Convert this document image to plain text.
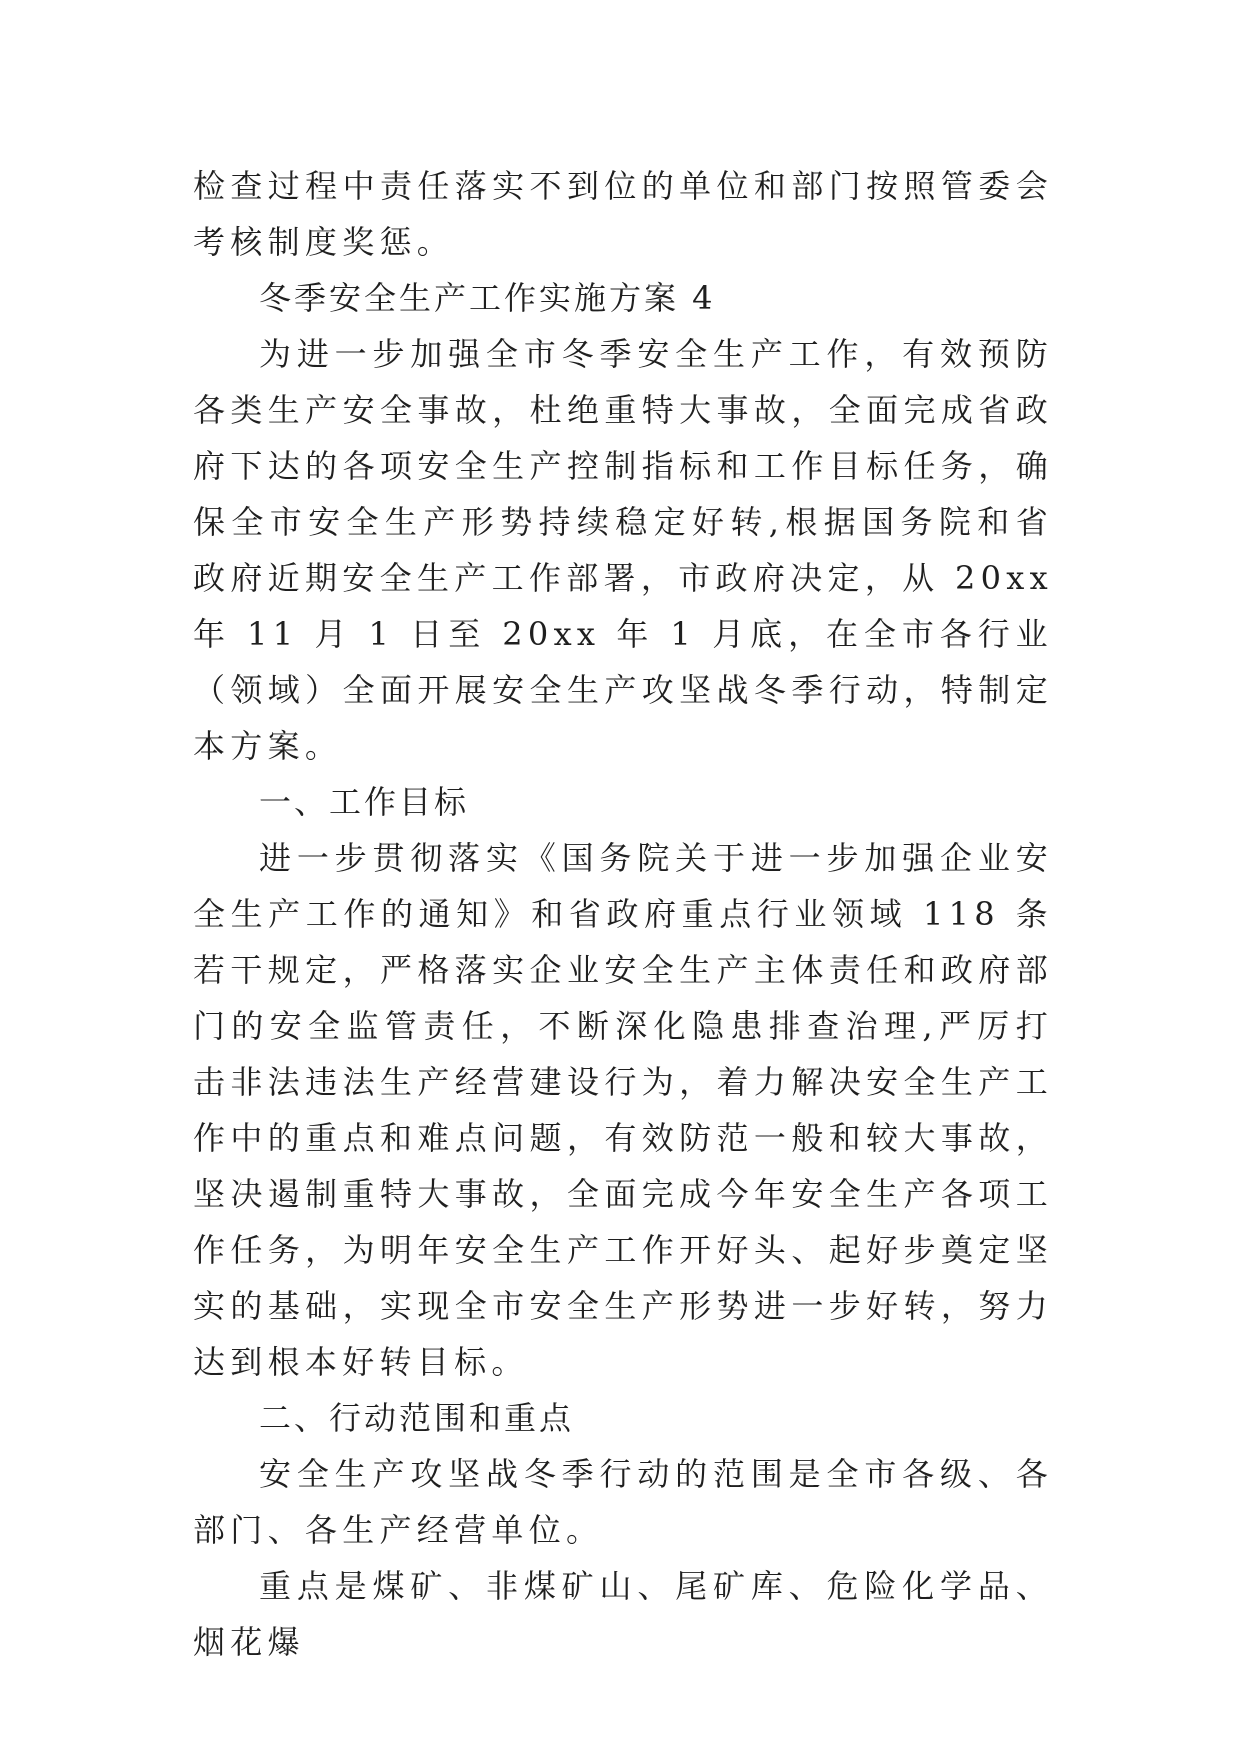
检查过程中责任落实不到位的单位和部门按照管委会考核制度奖惩。

冬季安全生产工作实施方案 4

为进一步加强全市冬季安全生产工作，有效预防各类生产安全事故，杜绝重特大事故，全面完成省政府下达的各项安全生产控制指标和工作目标任务，确保全市安全生产形势持续稳定好转,根据国务院和省政府近期安全生产工作部署，市政府决定，从 20xx 年 11 月 1 日至 20xx 年 1 月底，在全市各行业（领域）全面开展安全生产攻坚战冬季行动，特制定本方案。

一、工作目标

进一步贯彻落实《国务院关于进一步加强企业安全生产工作的通知》和省政府重点行业领域 118 条若干规定，严格落实企业安全生产主体责任和政府部门的安全监管责任，不断深化隐患排查治理,严厉打击非法违法生产经营建设行为，着力解决安全生产工作中的重点和难点问题，有效防范一般和较大事故，坚决遏制重特大事故，全面完成今年安全生产各项工作任务，为明年安全生产工作开好头、起好步奠定坚实的基础，实现全市安全生产形势进一步好转，努力达到根本好转目标。

二、行动范围和重点

安全生产攻坚战冬季行动的范围是全市各级、各部门、各生产经营单位。

重点是煤矿、非煤矿山、尾矿库、危险化学品、烟花爆
